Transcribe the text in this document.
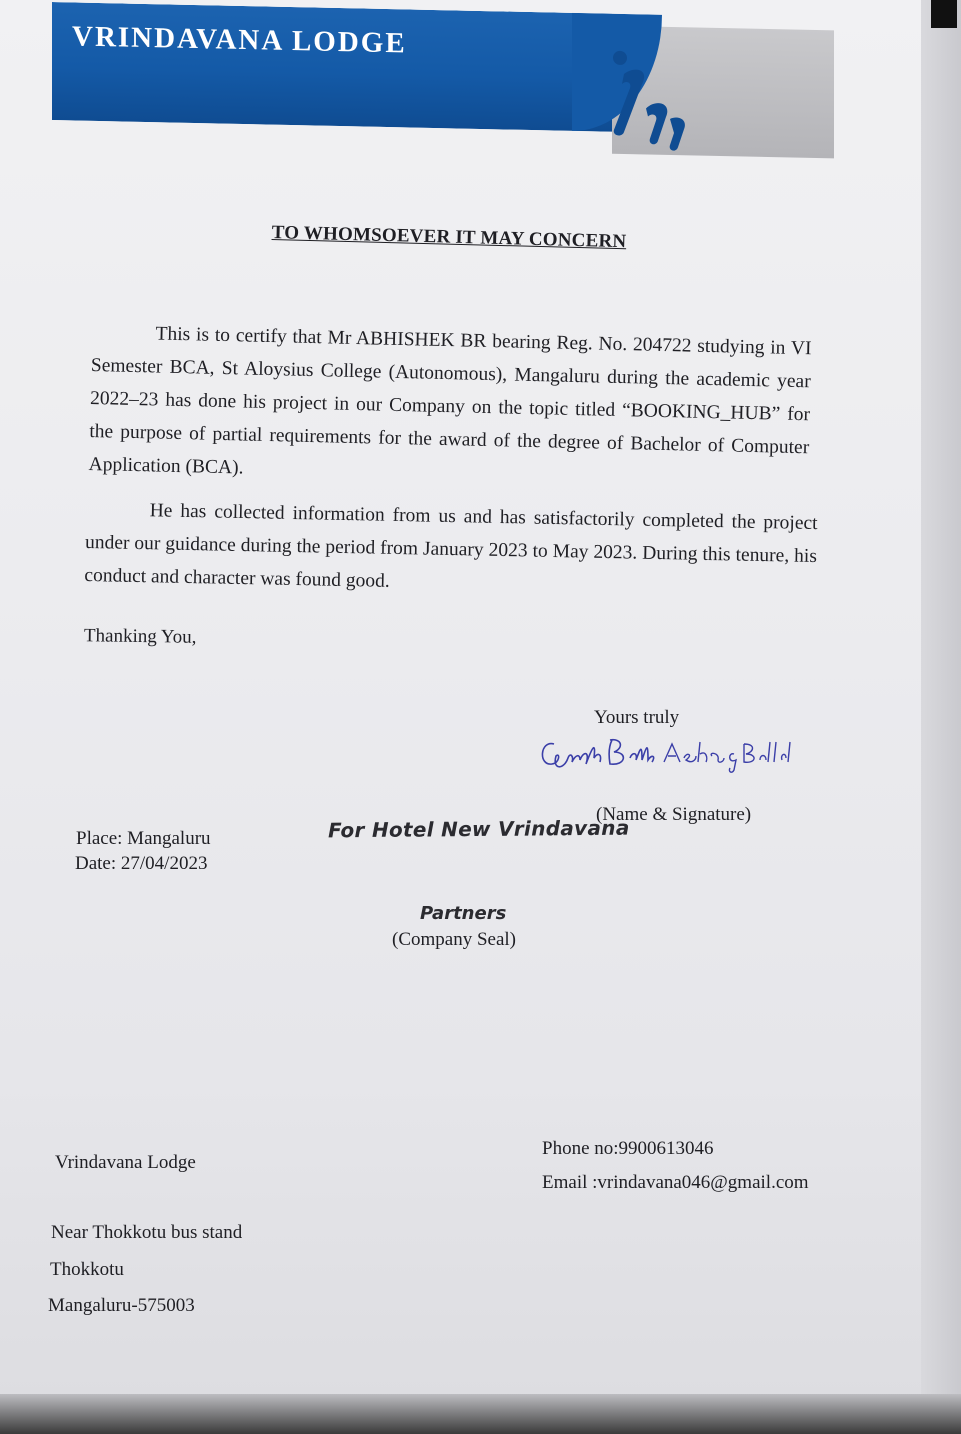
VRINDAVANA LODGE
TO WHOMSOEVER IT MAY CONCERN
This is to certify that Mr ABHISHEK BR bearing Reg. No. 204722 studying in VI Semester BCA, St Aloysius College (Autonomous), Mangaluru during the academic year 2022–23 has done his project in our Company on the topic titled “BOOKING_HUB” for the purpose of partial requirements for the award of the degree of Bachelor of Computer Application (BCA).
He has collected information from us and has satisfactorily completed the project under our guidance during the period from January 2023 to May 2023. During this tenure, his conduct and character was found good.
Thanking You,
Yours truly
(Name & Signature)
Place: Mangaluru
Date: 27/04/2023
For Hotel New Vrindavana
Partners
(Company Seal)
Vrindavana Lodge
Near Thokkotu bus stand
Thokkotu
Mangaluru-575003
Phone no:9900613046
Email :vrindavana046@gmail.com
